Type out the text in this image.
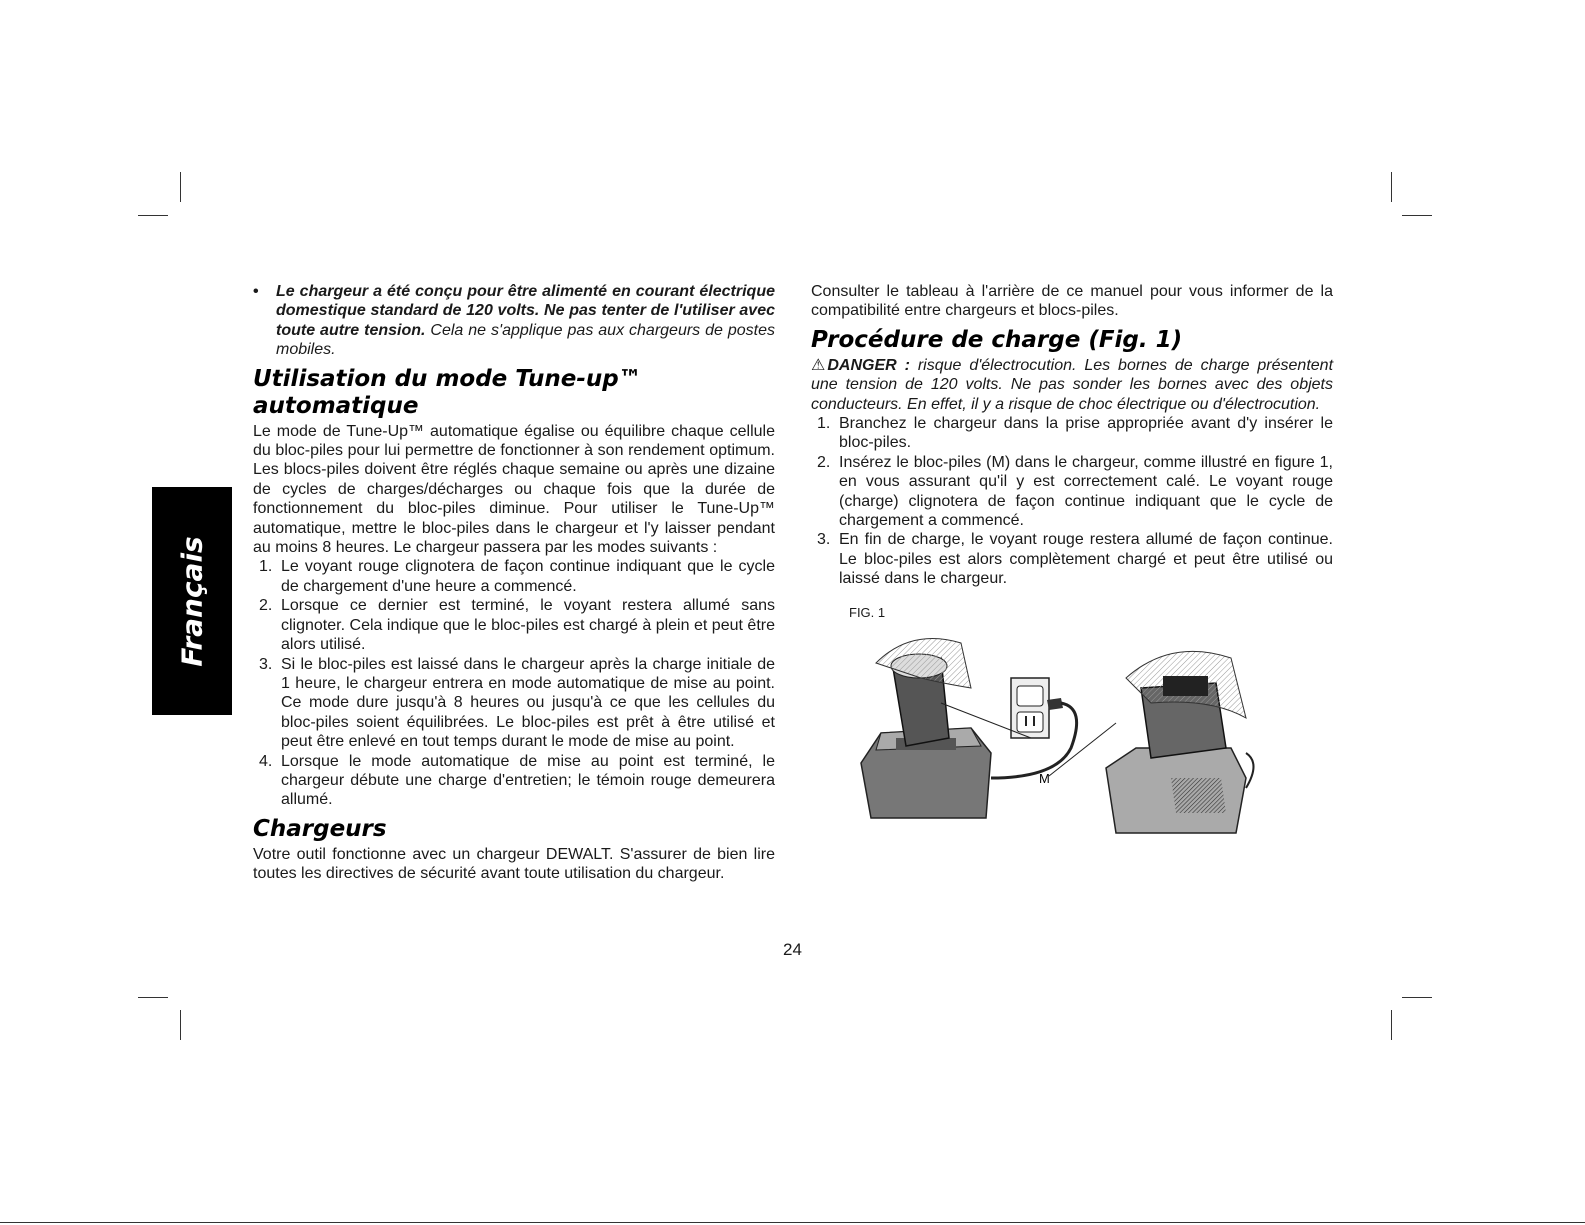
Français

• Le chargeur a été conçu pour être alimenté en courant électrique domestique standard de 120 volts. Ne pas tenter de l'utiliser avec toute autre tension. Cela ne s'applique pas aux chargeurs de postes mobiles.

Utilisation du mode Tune-up™ automatique

Le mode de Tune-Up™ automatique égalise ou équilibre chaque cellule du bloc-piles pour lui permettre de fonctionner à son rendement optimum. Les blocs-piles doivent être réglés chaque semaine ou après une dizaine de cycles de charges/décharges ou chaque fois que la durée de fonctionnement du bloc-piles diminue. Pour utiliser le Tune-Up™ automatique, mettre le bloc-piles dans le chargeur et l'y laisser pendant au moins 8 heures. Le chargeur passera par les modes suivants :

1. Le voyant rouge clignotera de façon continue indiquant que le cycle de chargement d'une heure a commencé.
2. Lorsque ce dernier est terminé, le voyant restera allumé sans clignoter. Cela indique que le bloc-piles est chargé à plein et peut être alors utilisé.
3. Si le bloc-piles est laissé dans le chargeur après la charge initiale de 1 heure, le chargeur entrera en mode automatique de mise au point. Ce mode dure jusqu'à 8 heures ou jusqu'à ce que les cellules du bloc-piles soient équilibrées. Le bloc-piles est prêt à être utilisé et peut être enlevé en tout temps durant le mode de mise au point.
4. Lorsque le mode automatique de mise au point est terminé, le chargeur débute une charge d'entretien; le témoin rouge demeurera allumé.
Chargeurs

Votre outil fonctionne avec un chargeur DEWALT. S'assurer de bien lire toutes les directives de sécurité avant toute utilisation du chargeur.

Consulter le tableau à l'arrière de ce manuel pour vous informer de la compatibilité entre chargeurs et blocs-piles.

Procédure de charge (Fig. 1)

⚠ DANGER : risque d'électrocution. Les bornes de charge présentent une tension de 120 volts. Ne pas sonder les bornes avec des objets conducteurs. En effet, il y a risque de choc électrique ou d'électrocution.

1. Branchez le chargeur dans la prise appropriée avant d'y insérer le bloc-piles.
2. Insérez le bloc-piles (M) dans le chargeur, comme illustré en figure 1, en vous assurant qu'il y est correctement calé. Le voyant rouge (charge) clignotera de façon continue indiquant que le cycle de chargement a commencé.
3. En fin de charge, le voyant rouge restera allumé de façon continue. Le bloc-piles est alors complètement chargé et peut être utilisé ou laissé dans le chargeur.
FIG. 1
M
24
